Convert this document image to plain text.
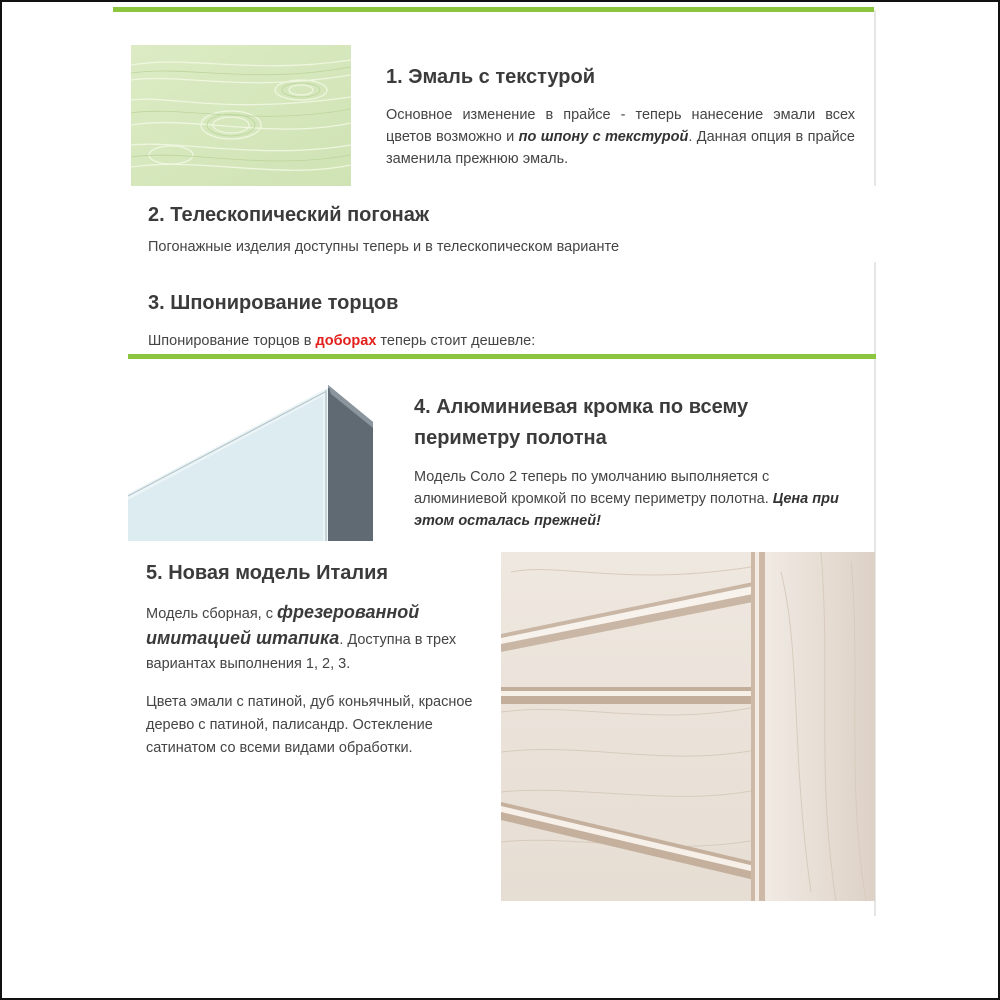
1. Эмаль с текстурой

Основное изменение в прайсе - теперь нанесение эмали всех цветов возможно и по шпону с текстурой. Данная опция в прайсе заменила прежнюю эмаль.

2. Телескопический погонаж

Погонажные изделия доступны теперь и в телескопическом варианте

3. Шпонирование торцов

Шпонирование торцов в доборах теперь стоит дешевле:

4. Алюминиевая кромка по всему
периметру полотна

Модель Соло 2 теперь по умолчанию выполняется с алюминиевой кромкой по всему периметру полотна. Цена при этом осталась прежней!

5. Новая модель Италия

Модель сборная, с фрезерованной имитацией штапика. Доступна в трех вариантах выполнения 1, 2, 3.

Цвета эмали с патиной, дуб коньячный, красное дерево с патиной, палисандр. Остекление сатинатом со всеми видами обработки.
